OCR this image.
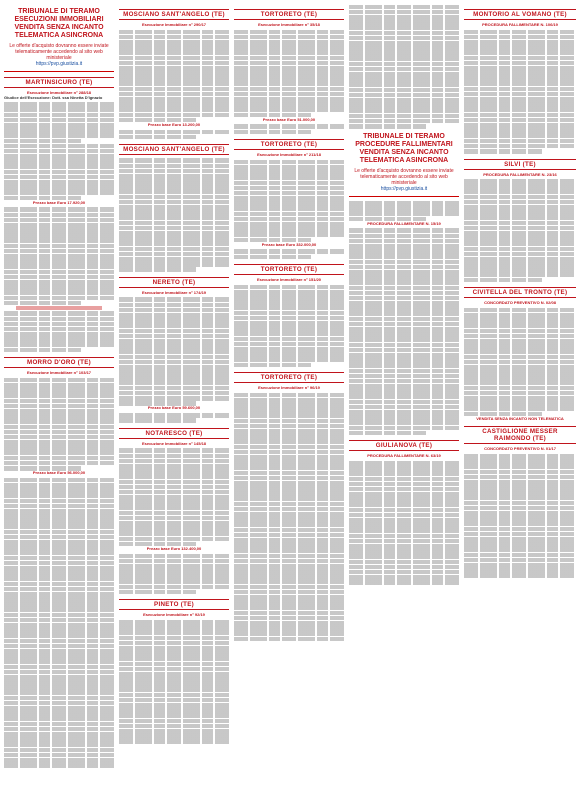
TRIBUNALE DI TERAMO ESECUZIONI IMMOBILIARI VENDITA SENZA INCANTO TELEMATICA ASINCRONA
Le offerte d'acquisto dovranno essere inviate telematicamente accedendo al sito web ministeriale
https://pvp.giustizia.it
MARTINSICURO (TE)
Esecuzione Immobiliare n° 288/18
Giudice dell'Esecuzione: Dott. ssa Ninetta D'Ignazio
Prezzo base Euro 17.920,00
MORRO D'ORO (TE)
Esecuzione Immobiliare n° 103/17
Prezzo base Euro 56.000,00
MOSCIANO SANT'ANGELO (TE)
Esecuzione Immobiliare n° 290/17
Prezzo base Euro 13.200,00
MOSCIANO SANT'ANGELO (TE)
NERETO (TE)
Esecuzione Immobiliare n° 174/19
Prezzo base Euro 59.600,00
NOTARESCO (TE)
Esecuzione Immobiliare n° 145/18
Prezzo base Euro 132.400,00
PINETO (TE)
Esecuzione Immobiliare n° 92/19
TORTORETO (TE)
Esecuzione Immobiliare n° 35/18
Prezzo base Euro 51.000,00
TORTORETO (TE)
Esecuzione Immobiliare n° 211/18
Prezzo base Euro 332.000,00
TORTORETO (TE)
Esecuzione Immobiliare n° 151/20
TORTORETO (TE)
Esecuzione Immobiliare n° 96/19
TRIBUNALE DI TERAMO PROCEDURE FALLIMENTARI VENDITA SENZA INCANTO TELEMATICA ASINCRONA
Le offerte d'acquisto dovranno essere inviate telematicamente accedendo al sito web ministeriale
https://pvp.giustizia.it
PROCEDURA FALLIMENTARE N. 15/19
GIULIANOVA (TE)
PROCEDURA FALLIMENTARE N. 63/19
MONTORIO AL VOMANO (TE)
PROCEDURA FALLIMENTARE N. 106/19
SILVI (TE)
PROCEDURA FALLIMENTARE N. 23/16
CIVITELLA DEL TRONTO (TE)
CONCORDATO PREVENTIVO N. 02/08
VENDITA SENZA INCANTO NON TELEMATICA
CASTIGLIONE MESSER RAIMONDO (TE)
CONCORDATO PREVENTIVO N. 01/17
